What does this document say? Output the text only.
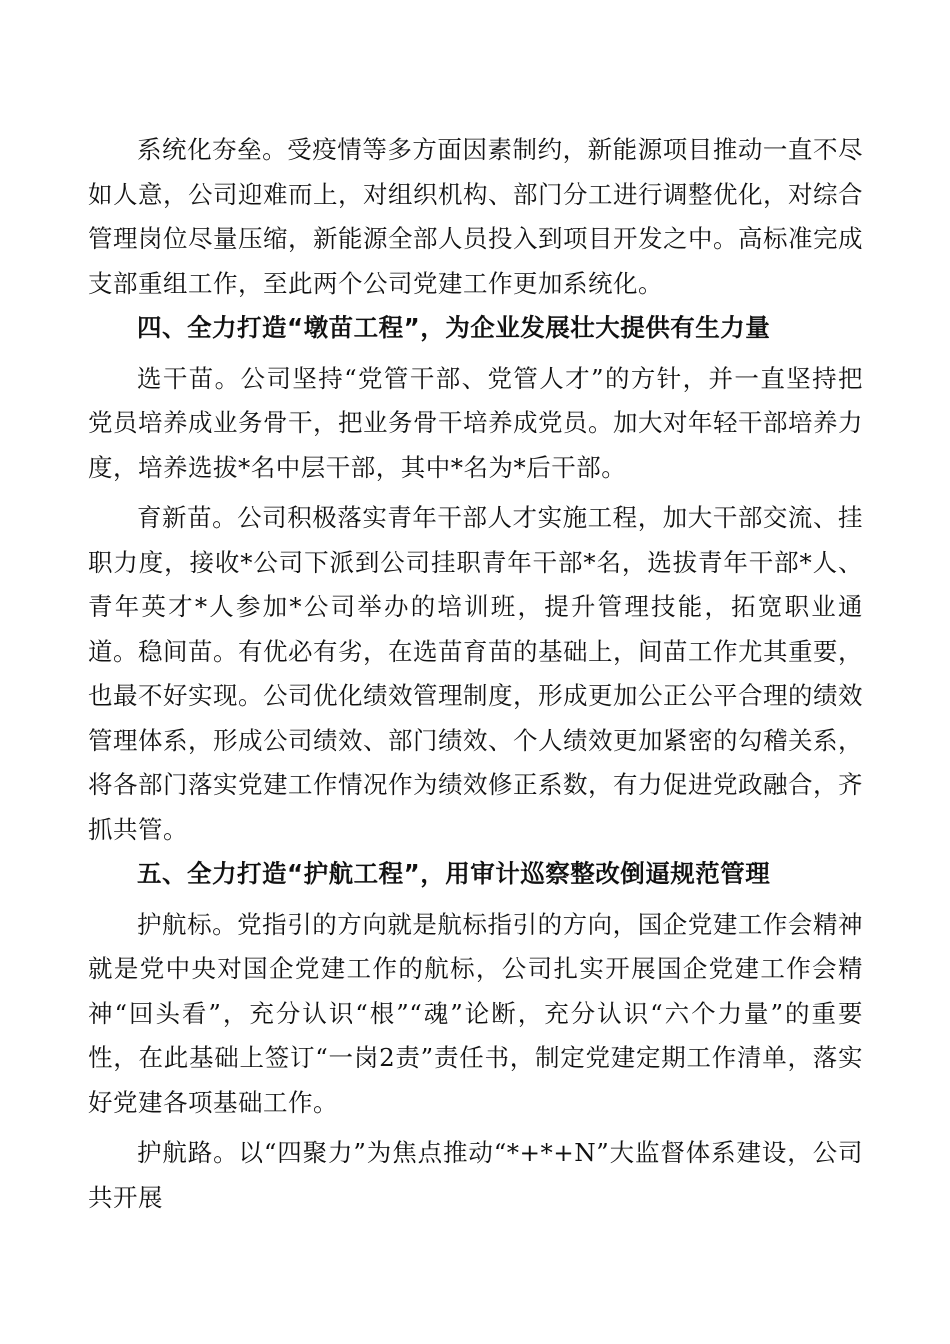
系统化夯垒。受疫情等多方面因素制约，新能源项目推动一直不尽如人意，公司迎难而上，对组织机构、部门分工进行调整优化，对综合管理岗位尽量压缩，新能源全部人员投入到项目开发之中。高标准完成支部重组工作，至此两个公司党建工作更加系统化。

四、全力打造“墩苗工程”，为企业发展壮大提供有生力量

选干苗。公司坚持“党管干部、党管人才”的方针，并一直坚持把党员培养成业务骨干，把业务骨干培养成党员。加大对年轻干部培养力度，培养选拔*名中层干部，其中*名为*后干部。

育新苗。公司积极落实青年干部人才实施工程，加大干部交流、挂职力度，接收*公司下派到公司挂职青年干部*名，选拔青年干部*人、青年英才*人参加*公司举办的培训班，提升管理技能，拓宽职业通道。稳间苗。有优必有劣，在选苗育苗的基础上，间苗工作尤其重要，也最不好实现。公司优化绩效管理制度，形成更加公正公平合理的绩效管理体系，形成公司绩效、部门绩效、个人绩效更加紧密的勾稽关系，将各部门落实党建工作情况作为绩效修正系数，有力促进党政融合，齐抓共管。

五、全力打造“护航工程”，用审计巡察整改倒逼规范管理

护航标。党指引的方向就是航标指引的方向，国企党建工作会精神就是党中央对国企党建工作的航标，公司扎实开展国企党建工作会精神“回头看”，充分认识“根”“魂”论断，充分认识“六个力量”的重要性，在此基础上签订“一岗2责”责任书，制定党建定期工作清单，落实好党建各项基础工作。

护航路。以“四聚力”为焦点推动“*+*+N”大监督体系建设，公司共开展
